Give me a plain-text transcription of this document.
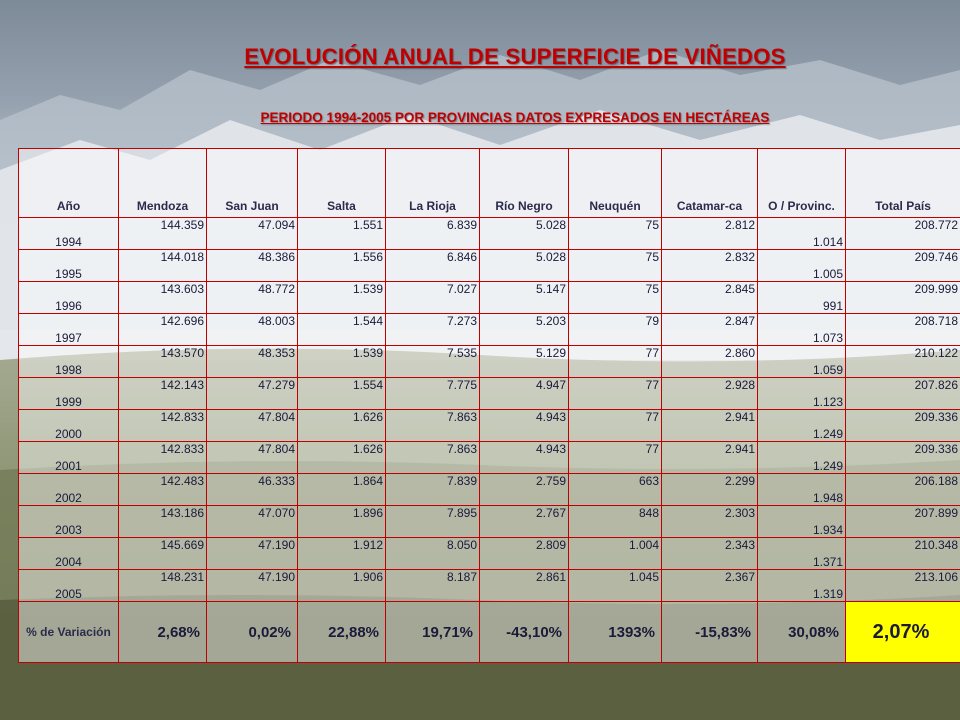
EVOLUCIÓN ANUAL DE SUPERFICIE DE VIÑEDOS
PERIODO 1994-2005 POR PROVINCIAS DATOS EXPRESADOS EN HECTÁREAS
Año	Mendoza	San Juan	Salta	La Rioja	Río Negro	Neuquén	Catamar-ca	O / Provinc.	Total País
1994	144.359	47.094	1.551	6.839	5.028	75	2.812	1.014	208.772
1995	144.018	48.386	1.556	6.846	5.028	75	2.832	1.005	209.746
1996	143.603	48.772	1.539	7.027	5.147	75	2.845	991	209.999
1997	142.696	48.003	1.544	7.273	5.203	79	2.847	1.073	208.718
1998	143.570	48.353	1.539	7.535	5.129	77	2.860	1.059	210.122
1999	142.143	47.279	1.554	7.775	4.947	77	2.928	1.123	207.826
2000	142.833	47.804	1.626	7.863	4.943	77	2.941	1.249	209.336
2001	142.833	47.804	1.626	7.863	4.943	77	2.941	1.249	209.336
2002	142.483	46.333	1.864	7.839	2.759	663	2.299	1.948	206.188
2003	143.186	47.070	1.896	7.895	2.767	848	2.303	1.934	207.899
2004	145.669	47.190	1.912	8.050	2.809	1.004	2.343	1.371	210.348
2005	148.231	47.190	1.906	8.187	2.861	1.045	2.367	1.319	213.106
% de Variación	2,68%	0,02%	22,88%	19,71%	-43,10%	1393%	-15,83%	30,08%	2,07%
